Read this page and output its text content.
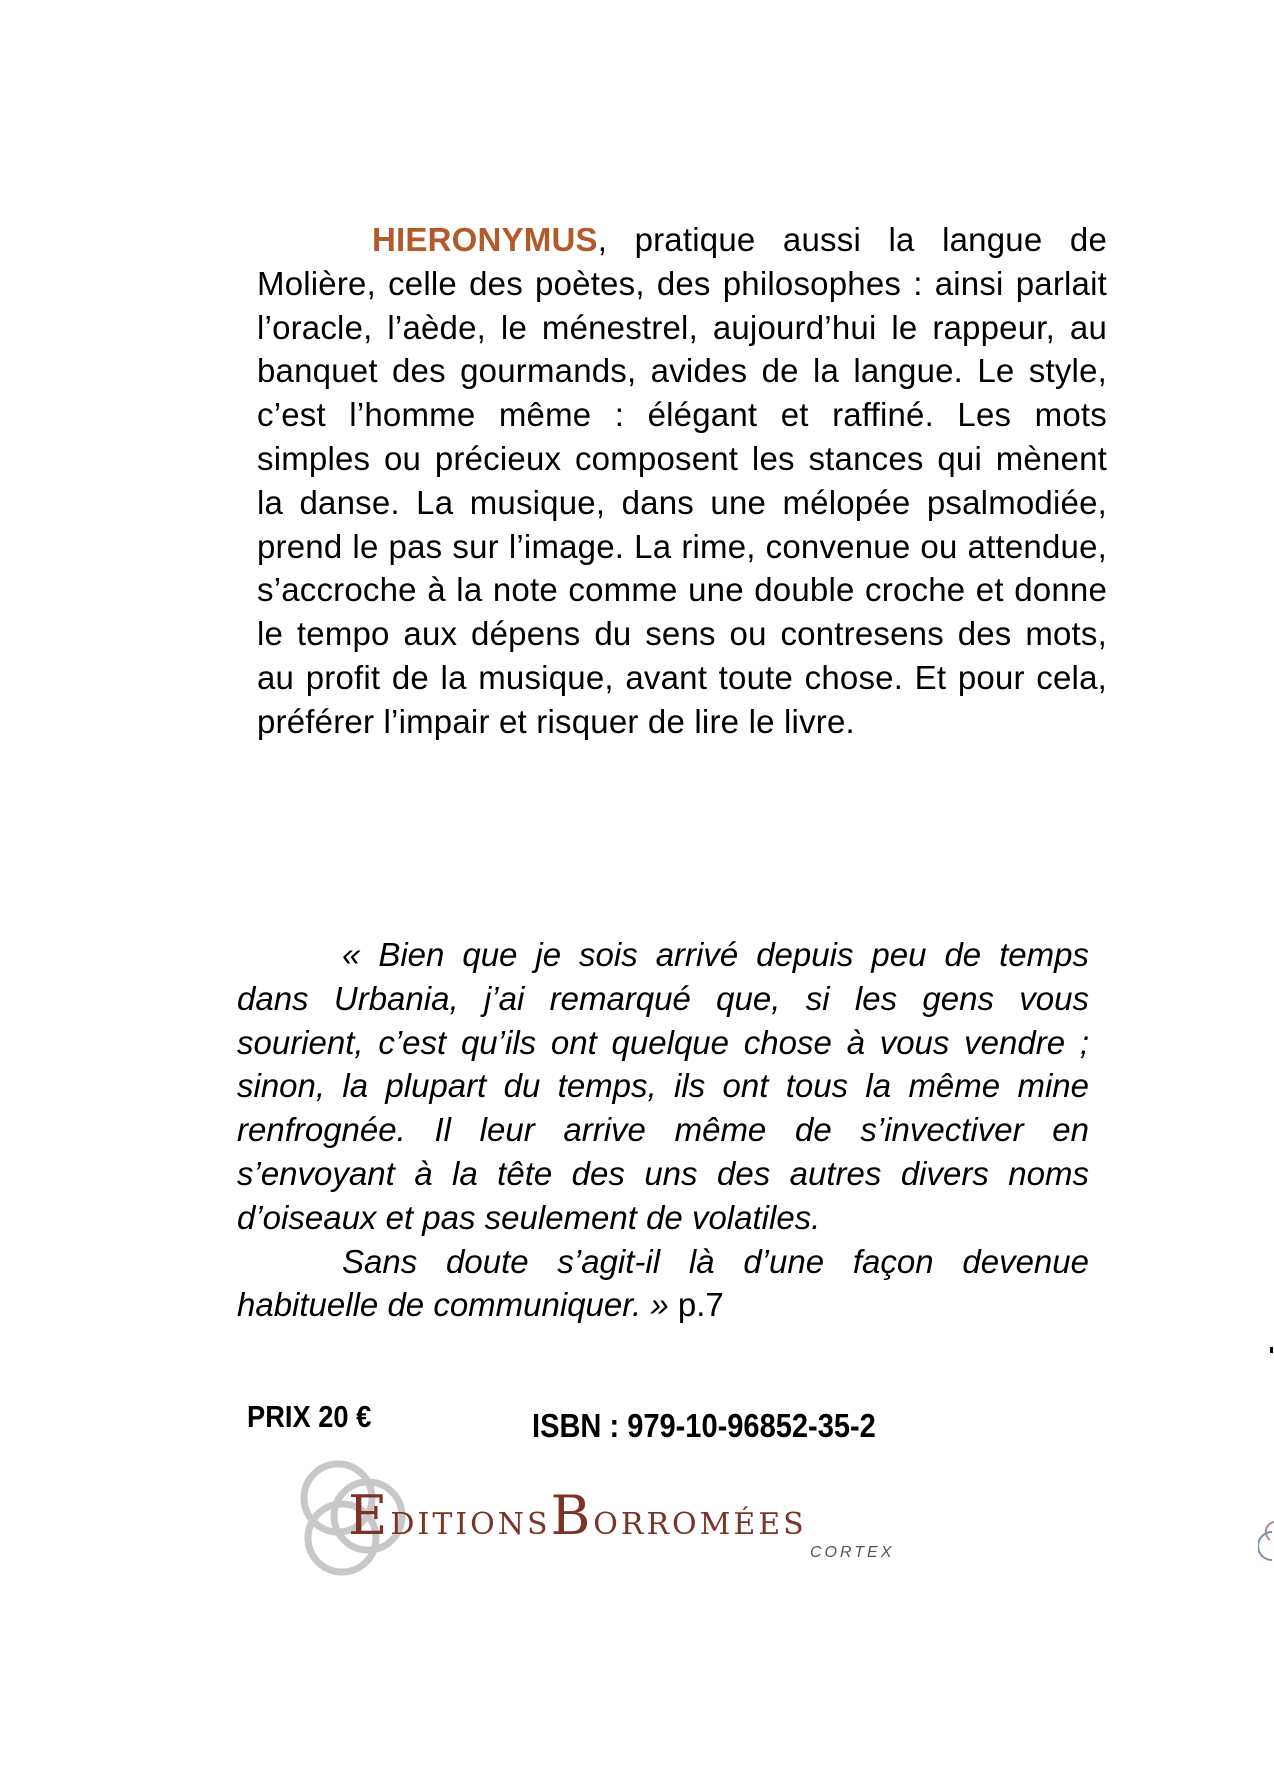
HIERONYMUS, pratique aussi la langue de Molière, celle des poètes, des philosophes : ainsi parlait l’oracle, l’aède, le ménestrel, aujourd’hui le rappeur, au banquet des gourmands, avides de la langue. Le style, c’est l’homme même : élégant et raffiné. Les mots simples ou précieux composent les stances qui mènent la danse. La musique, dans une mélopée psalmodiée, prend le pas sur l’image. La rime, convenue ou attendue, s’accroche à la note comme une double croche et donne le tempo aux dépens du sens ou contresens des mots, au profit de la musique, avant toute chose. Et pour cela, préférer l’impair et risquer de lire le livre.

« Bien que je sois arrivé depuis peu de temps dans Urbania, j’ai remarqué que, si les gens vous sourient, c’est qu’ils ont quelque chose à vous vendre ; sinon, la plupart du temps, ils ont tous la même mine renfrognée. Il leur arrive même de s’invectiver en s’envoyant à la tête des uns des autres divers noms d’oiseaux et pas seulement de volatiles.

Sans doute s’agit-il là d’une façon devenue habituelle de communiquer. » p.7

PRIX 20 €	ISBN : 979-10-96852-35-2
EDITIONSBORROMÉES
CORTEX
